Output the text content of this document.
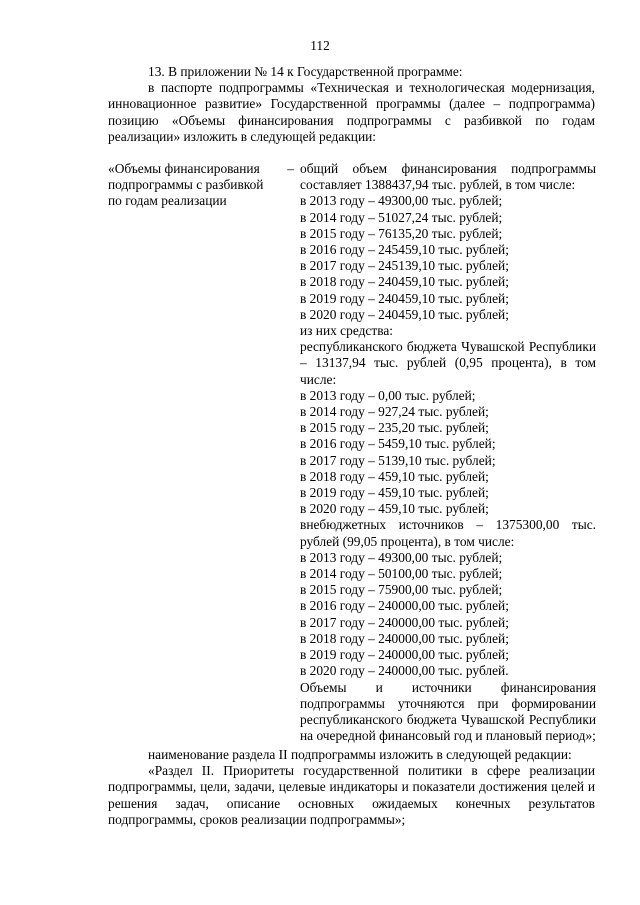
112

13. В приложении № 14 к Государственной программе:

в паспорте подпрограммы «Техническая и технологическая модернизация, инновационное развитие» Государственной программы (далее – подпрограмма) позицию «Объемы финансирования подпрограммы с разбивкой по годам реализации» изложить в следующей редакции:

«Объемы финансирования –
подпрограммы с разбивкой
по годам реализации
общий объем финансирования подпрограммы
составляет 1388437,94 тыс. рублей, в том числе:
в 2013 году – 49300,00 тыс. рублей;
в 2014 году – 51027,24 тыс. рублей;
в 2015 году – 76135,20 тыс. рублей;
в 2016 году – 245459,10 тыс. рублей;
в 2017 году – 245139,10 тыс. рублей;
в 2018 году – 240459,10 тыс. рублей;
в 2019 году – 240459,10 тыс. рублей;
в 2020 году – 240459,10 тыс. рублей;
из них средства:
республиканского бюджета Чувашской Республики – 13137,94 тыс. рублей (0,95 процента), в том числе:
в 2013 году – 0,00 тыс. рублей;
в 2014 году – 927,24 тыс. рублей;
в 2015 году – 235,20 тыс. рублей;
в 2016 году – 5459,10 тыс. рублей;
в 2017 году – 5139,10 тыс. рублей;
в 2018 году – 459,10 тыс. рублей;
в 2019 году – 459,10 тыс. рублей;
в 2020 году – 459,10 тыс. рублей;
внебюджетных источников – 1375300,00 тыс. рублей (99,05 процента), в том числе:
в 2013 году – 49300,00 тыс. рублей;
в 2014 году – 50100,00 тыс. рублей;
в 2015 году – 75900,00 тыс. рублей;
в 2016 году – 240000,00 тыс. рублей;
в 2017 году – 240000,00 тыс. рублей;
в 2018 году – 240000,00 тыс. рублей;
в 2019 году – 240000,00 тыс. рублей;
в 2020 году – 240000,00 тыс. рублей.
Объемы и источники финансирования подпрограммы уточняются при формировании республиканского бюджета Чувашской Республики на очередной финансовый год и плановый период»;

наименование раздела II подпрограммы изложить в следующей редакции:

«Раздел II. Приоритеты государственной политики в сфере реализации подпрограммы, цели, задачи, целевые индикаторы и показатели достижения целей и решения задач, описание основных ожидаемых конечных результатов подпрограммы, сроков реализации подпрограммы»;
